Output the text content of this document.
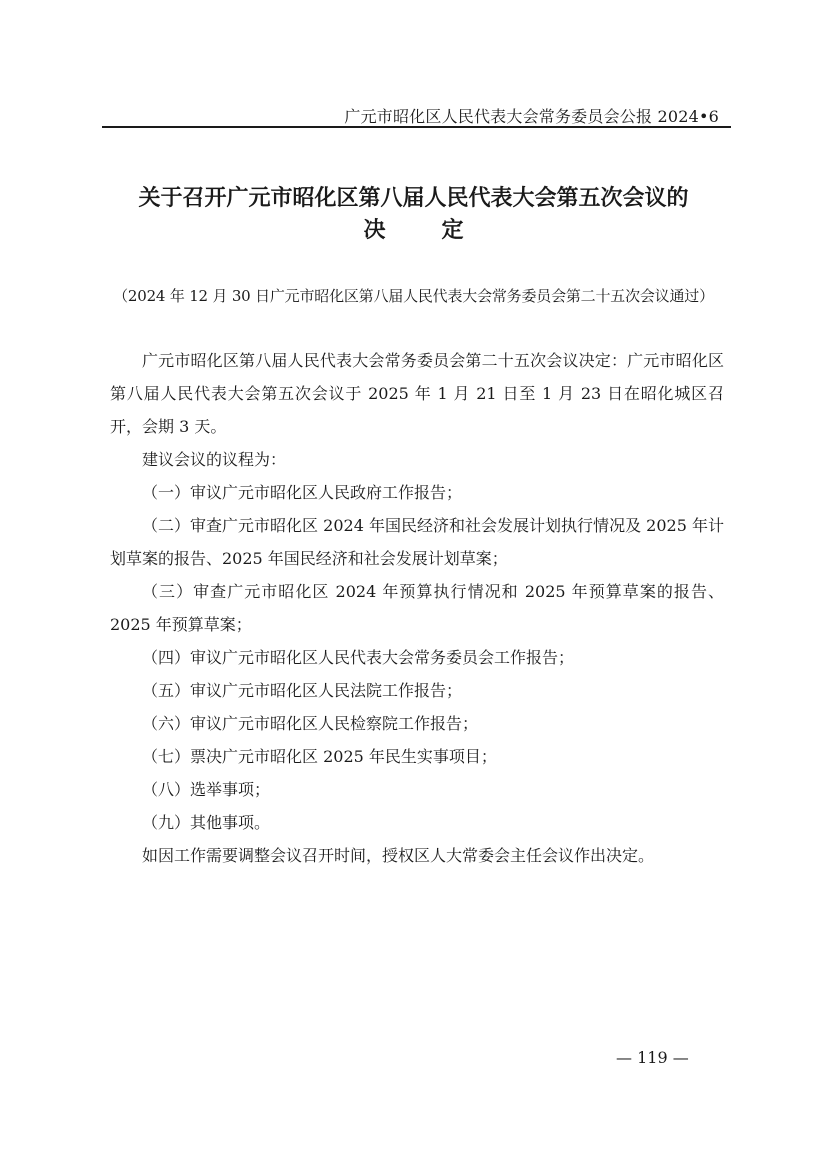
广元市昭化区人民代表大会常务委员会公报 2024•6
关于召开广元市昭化区第八届人民代表大会第五次会议的
决定
（2024 年 12 月 30 日广元市昭化区第八届人民代表大会常务委员会第二十五次会议通过）

广元市昭化区第八届人民代表大会常务委员会第二十五次会议决定：广元市昭化区第八届人民代表大会第五次会议于 2025 年 1 月 21 日至 1 月 23 日在昭化城区召开，会期 3 天。

建议会议的议程为：

（一）审议广元市昭化区人民政府工作报告；

（二）审查广元市昭化区 2024 年国民经济和社会发展计划执行情况及 2025 年计划草案的报告、2025 年国民经济和社会发展计划草案；

（三）审查广元市昭化区 2024 年预算执行情况和 2025 年预算草案的报告、2025 年预算草案；

（四）审议广元市昭化区人民代表大会常务委员会工作报告；

（五）审议广元市昭化区人民法院工作报告；

（六）审议广元市昭化区人民检察院工作报告；

（七）票决广元市昭化区 2025 年民生实事项目；

（八）选举事项；

（九）其他事项。

如因工作需要调整会议召开时间，授权区人大常委会主任会议作出决定。

— 119 —
